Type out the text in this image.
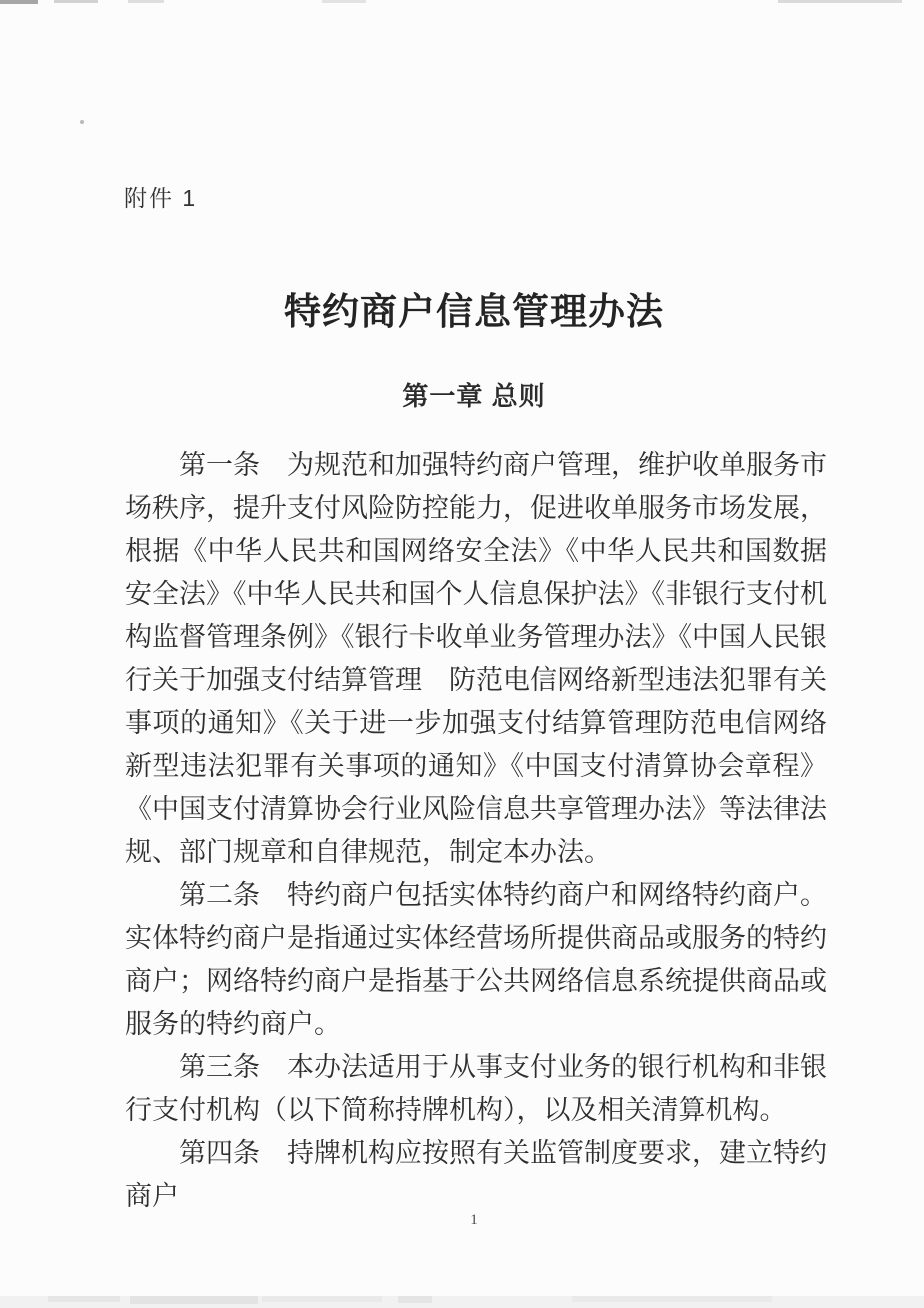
附件 1
特约商户信息管理办法
第一章 总则

第一条　为规范和加强特约商户管理，维护收单服务市场秩序，提升支付风险防控能力，促进收单服务市场发展，根据《中华人民共和国网络安全法》《中华人民共和国数据安全法》《中华人民共和国个人信息保护法》《非银行支付机构监督管理条例》《银行卡收单业务管理办法》《中国人民银行关于加强支付结算管理　防范电信网络新型违法犯罪有关事项的通知》《关于进一步加强支付结算管理防范电信网络新型违法犯罪有关事项的通知》《中国支付清算协会章程》《中国支付清算协会行业风险信息共享管理办法》等法律法规、部门规章和自律规范，制定本办法。

第二条　特约商户包括实体特约商户和网络特约商户。实体特约商户是指通过实体经营场所提供商品或服务的特约商户；网络特约商户是指基于公共网络信息系统提供商品或服务的特约商户。

第三条　本办法适用于从事支付业务的银行机构和非银行支付机构（以下简称持牌机构），以及相关清算机构。

第四条　持牌机构应按照有关监管制度要求，建立特约商户

1
